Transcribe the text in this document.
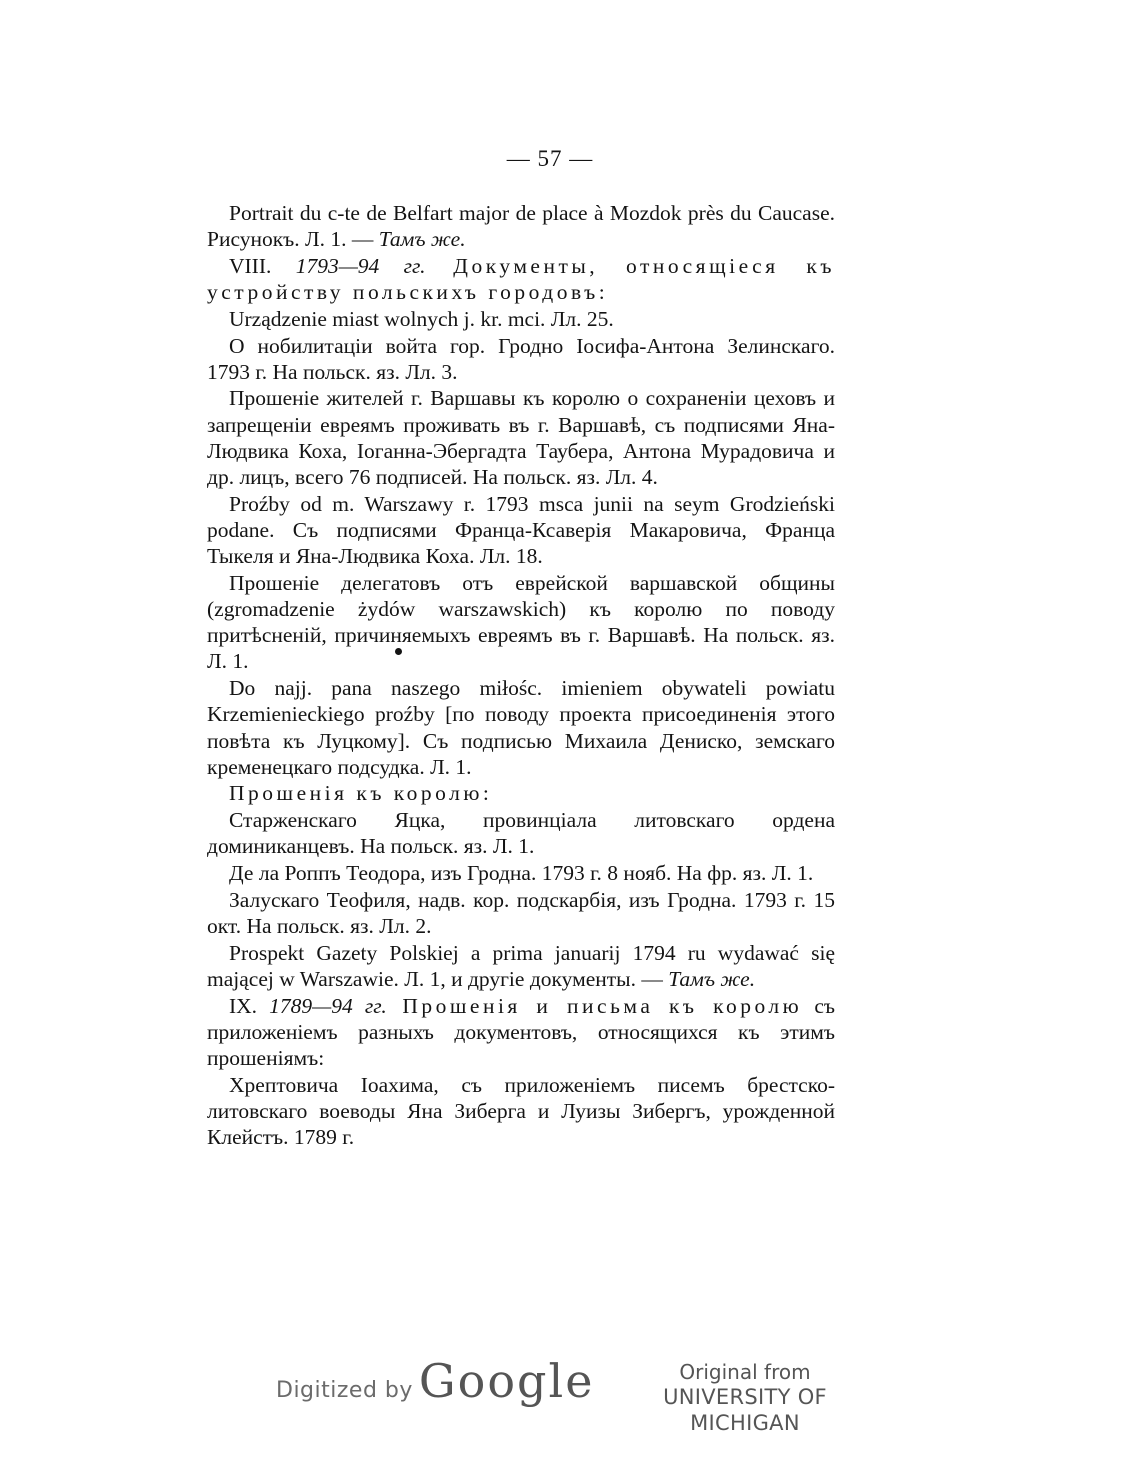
— 57 —

Portrait du c-te de Belfart major de place à Mozdok près du Caucase. Рисунокъ. Л. 1. — Тамъ же.

VIII. 1793—94 гг. Документы, относящіеся къ устройству польскихъ городовъ:

Urządzenie miast wolnych j. kr. mci. Лл. 25.

О нобилитаціи войта гор. Гродно Іосифа-Антона Зелинскаго. 1793 г. На польск. яз. Лл. 3.

Прошеніе жителей г. Варшавы къ королю о сохраненіи цеховъ и запрещеніи евреямъ проживать въ г. Варшавѣ, съ подписями Яна-Людвика Коха, Іоганна-Эбергадта Таубера, Антона Мурадовича и др. лицъ, всего 76 подписей. На польск. яз. Лл. 4.

Proźby od m. Warszawy r. 1793 msca junii na seym Grodzieński podane. Съ подписями Франца-Ксаверія Макаровича, Франца Тыкеля и Яна-Людвика Коха. Лл. 18.

Прошеніе делегатовъ отъ еврейской варшавской общины (zgromadzenie żydów warszawskich) къ королю по поводу притѣсненій, причиняемыхъ евреямъ въ г. Варшавѣ. На польск. яз. Л. 1.

Do najj. pana naszego miłośc. imieniem obywateli powiatu Krzemienieckiego proźby [по поводу проекта присоединенія этого повѣта къ Луцкому]. Съ подписью Михаила Дениско, земскаго кременецкаго подсудка. Л. 1.

Прошенія къ королю:

Старженскаго Яцка, провинціала литовскаго ордена доминиканцевъ. На польск. яз. Л. 1.

Де ла Роппъ Теодора, изъ Гродна. 1793 г. 8 нояб. На фр. яз. Л. 1.

Залускаго Теофиля, надв. кор. подскарбія, изъ Гродна. 1793 г. 15 окт. На польск. яз. Лл. 2.

Prospekt Gazety Polskiej a prima januarij 1794 ru wydawać się mającej w Warszawie. Л. 1, и другіе документы. — Тамъ же.

IX. 1789—94 гг. Прошенія и письма къ королю съ приложеніемъ разныхъ документовъ, относящихся къ этимъ прошеніямъ:

Хрептовича Іоахима, съ приложеніемъ писемъ брестско-литовскаго воеводы Яна Зиберга и Луизы Зибергъ, урожденной Клейстъ. 1789 г.

Digitized by Google	Original from
UNIVERSITY OF MICHIGAN
